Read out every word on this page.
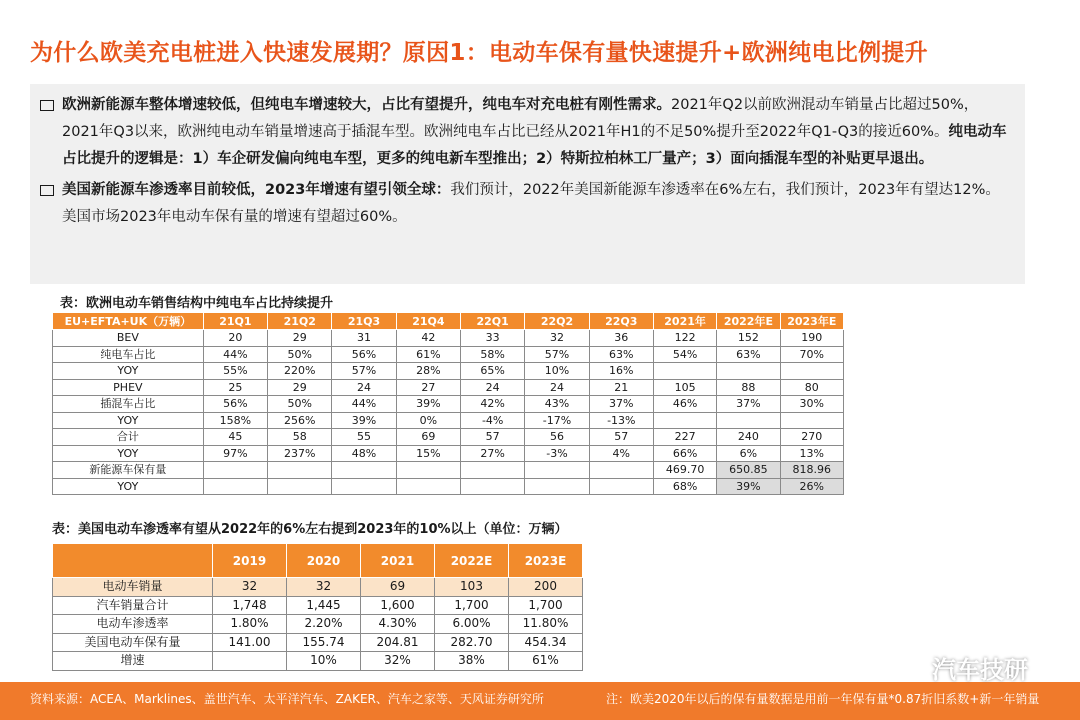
为什么欧美充电桩进入快速发展期？原因1：电动车保有量快速提升+欧洲纯电比例提升
欧洲新能源车整体增速较低，但纯电车增速较大，占比有望提升，纯电车对充电桩有刚性需求。2021年Q2以前欧洲混动车销量占比超过50%，2021年Q3以来，欧洲纯电动车销量增速高于插混车型。欧洲纯电车占比已经从2021年H1的不足50%提升至2022年Q1-Q3的接近60%。纯电动车占比提升的逻辑是：1）车企研发偏向纯电车型，更多的纯电新车型推出；2）特斯拉柏林工厂量产；3）面向插混车型的补贴更早退出。
美国新能源车渗透率目前较低，2023年增速有望引领全球：我们预计，2022年美国新能源车渗透率在6%左右，我们预计，2023年有望达12%。美国市场2023年电动车保有量的增速有望超过60%。
表：欧洲电动车销售结构中纯电车占比持续提升
EU+EFTA+UK（万辆）	21Q1	21Q2	21Q3	21Q4	22Q1	22Q2	22Q3	2021年	2022年E	2023年E
BEV	20	29	31	42	33	32	36	122	152	190
纯电车占比	44%	50%	56%	61%	58%	57%	63%	54%	63%	70%
YOY	55%	220%	57%	28%	65%	10%	16%			
PHEV	25	29	24	27	24	24	21	105	88	80
插混车占比	56%	50%	44%	39%	42%	43%	37%	46%	37%	30%
YOY	158%	256%	39%	0%	-4%	-17%	-13%			
合计	45	58	55	69	57	56	57	227	240	270
YOY	97%	237%	48%	15%	27%	-3%	4%	66%	6%	13%
新能源车保有量								469.70	650.85	818.96
YOY								68%	39%	26%
表：美国电动车渗透率有望从2022年的6%左右提到2023年的10%以上（单位：万辆）
	2019	2020	2021	2022E	2023E
电动车销量	32	32	69	103	200
汽车销量合计	1,748	1,445	1,600	1,700	1,700
电动车渗透率	1.80%	2.20%	4.30%	6.00%	11.80%
美国电动车保有量	141.00	155.74	204.81	282.70	454.34
增速		10%	32%	38%	61%
资料来源：ACEA、Marklines、盖世汽车、太平洋汽车、ZAKER、汽车之家等、天风证券研究所	注：欧美2020年以后的保有量数据是用前一年保有量*0.87折旧系数+新一年销量
汽车技研
